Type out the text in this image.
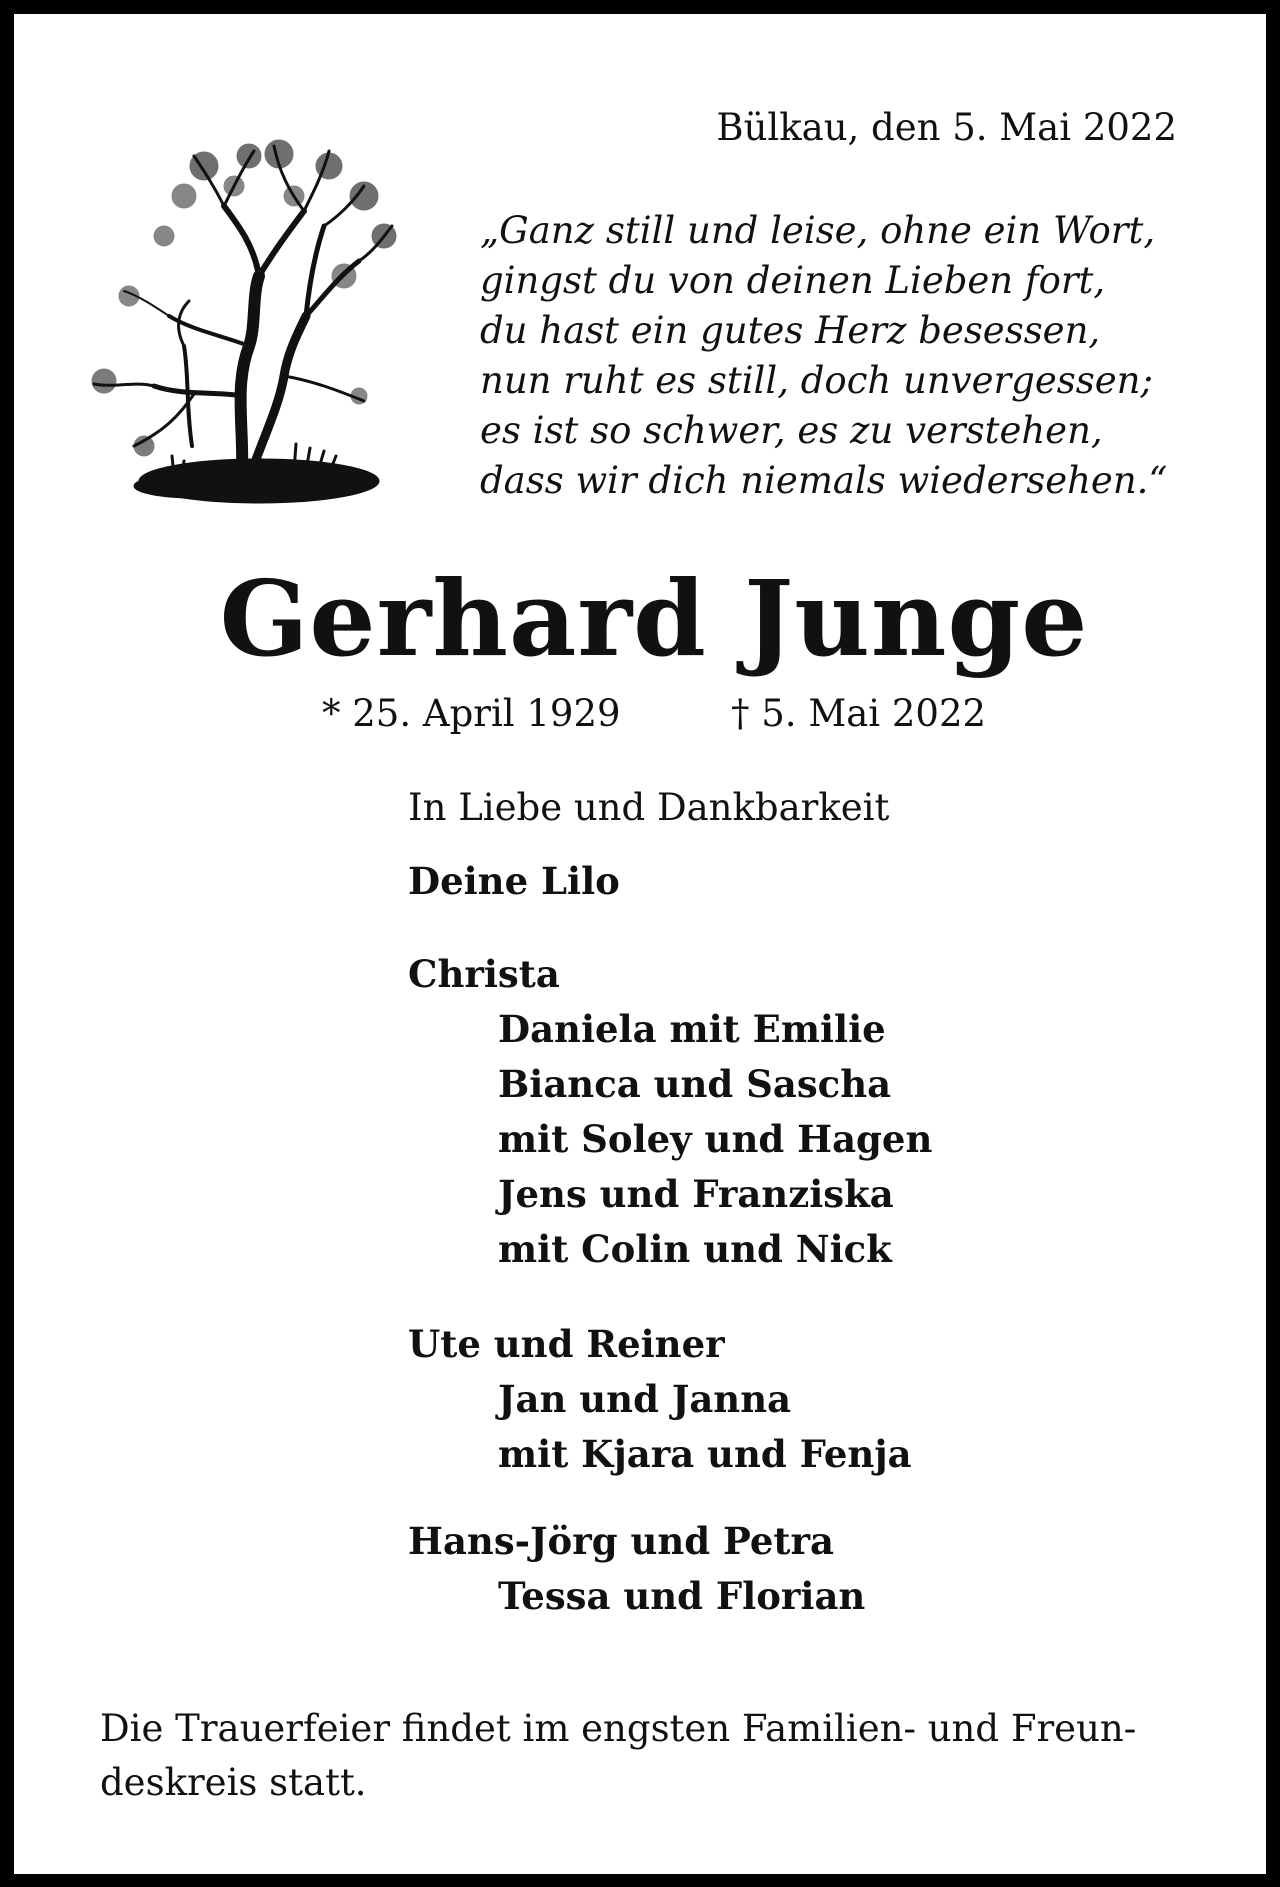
Bülkau, den 5. Mai 2022
„Ganz still und leise, ohne ein Wort,
gingst du von deinen Lieben fort,
du hast ein gutes Herz besessen,
nun ruht es still, doch unvergessen;
es ist so schwer, es zu verstehen,
dass wir dich niemals wiedersehen.“
Gerhard Junge
* 25. April 1929	† 5. Mai 2022
In Liebe und Dankbarkeit
Deine Lilo
Christa
Daniela mit Emilie
Bianca und Sascha
mit Soley und Hagen
Jens und Franziska
mit Colin und Nick
Ute und Reiner
Jan und Janna
mit Kjara und Fenja
Hans-Jörg und Petra
Tessa und Florian
Die Trauerfeier findet im engsten Familien- und Freun-
deskreis statt.
